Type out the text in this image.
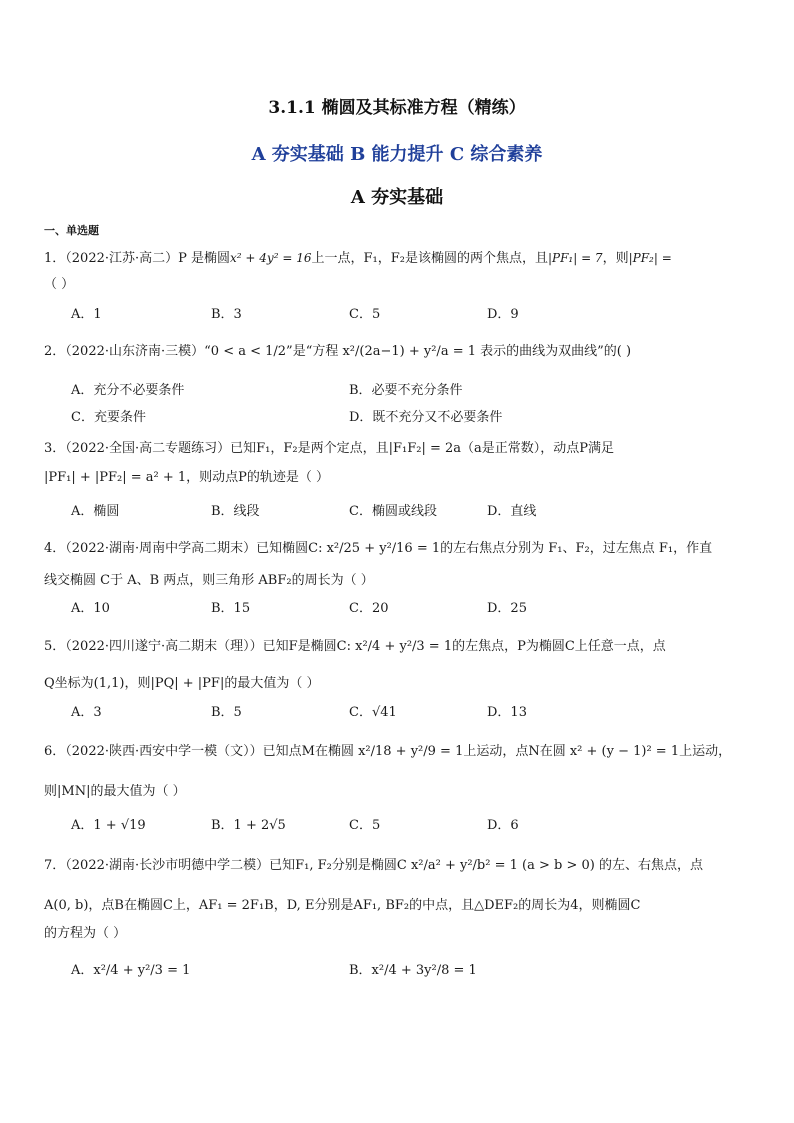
3.1.1 椭圆及其标准方程（精练）
A 夯实基础 B 能力提升 C 综合素养
A 夯实基础
一、单选题
1．（2022·江苏·高二）P 是椭圆x² + 4y² = 16上一点，F₁，F₂是该椭圆的两个焦点，且|PF₁| = 7，则|PF₂| =
（ ）
A．1	B．3	C．5	D．9
2．（2022·山东济南·三模）“0 < a < 1/2”是“方程 x²/(2a−1) + y²/a = 1 表示的曲线为双曲线”的( )
A．充分不必要条件	B．必要不充分条件
C．充要条件	D．既不充分又不必要条件
3．（2022·全国·高二专题练习）已知F₁，F₂是两个定点，且|F₁F₂| = 2a（a是正常数），动点P满足
|PF₁| + |PF₂| = a² + 1，则动点P的轨迹是（ ）
A．椭圆	B．线段	C．椭圆或线段	D．直线
4．（2022·湖南·周南中学高二期末）已知椭圆C: x²/25 + y²/16 = 1的左右焦点分别为 F₁、F₂，过左焦点 F₁，作直
线交椭圆 C于 A、B 两点，则三角形 ABF₂的周长为（ ）
A．10	B．15	C．20	D．25
5．（2022·四川遂宁·高二期末（理））已知F是椭圆C: x²/4 + y²/3 = 1的左焦点，P为椭圆C上任意一点，点
Q坐标为(1,1)，则|PQ| + |PF|的最大值为（ ）
A．3	B．5	C．√41	D．13
6．（2022·陕西·西安中学一模（文））已知点M在椭圆 x²/18 + y²/9 = 1上运动，点N在圆 x² + (y − 1)² = 1上运动，
则|MN|的最大值为（ ）
A．1 + √19	B．1 + 2√5	C．5	D．6
7．（2022·湖南·长沙市明德中学二模）已知F₁, F₂分别是椭圆C x²/a² + y²/b² = 1 (a > b > 0) 的左、右焦点，点
A(0, b)，点B在椭圆C上，AF₁ = 2F₁B，D, E分别是AF₁, BF₂的中点，且△DEF₂的周长为4，则椭圆C
的方程为（ ）
A．x²/4 + y²/3 = 1	B．x²/4 + 3y²/8 = 1
